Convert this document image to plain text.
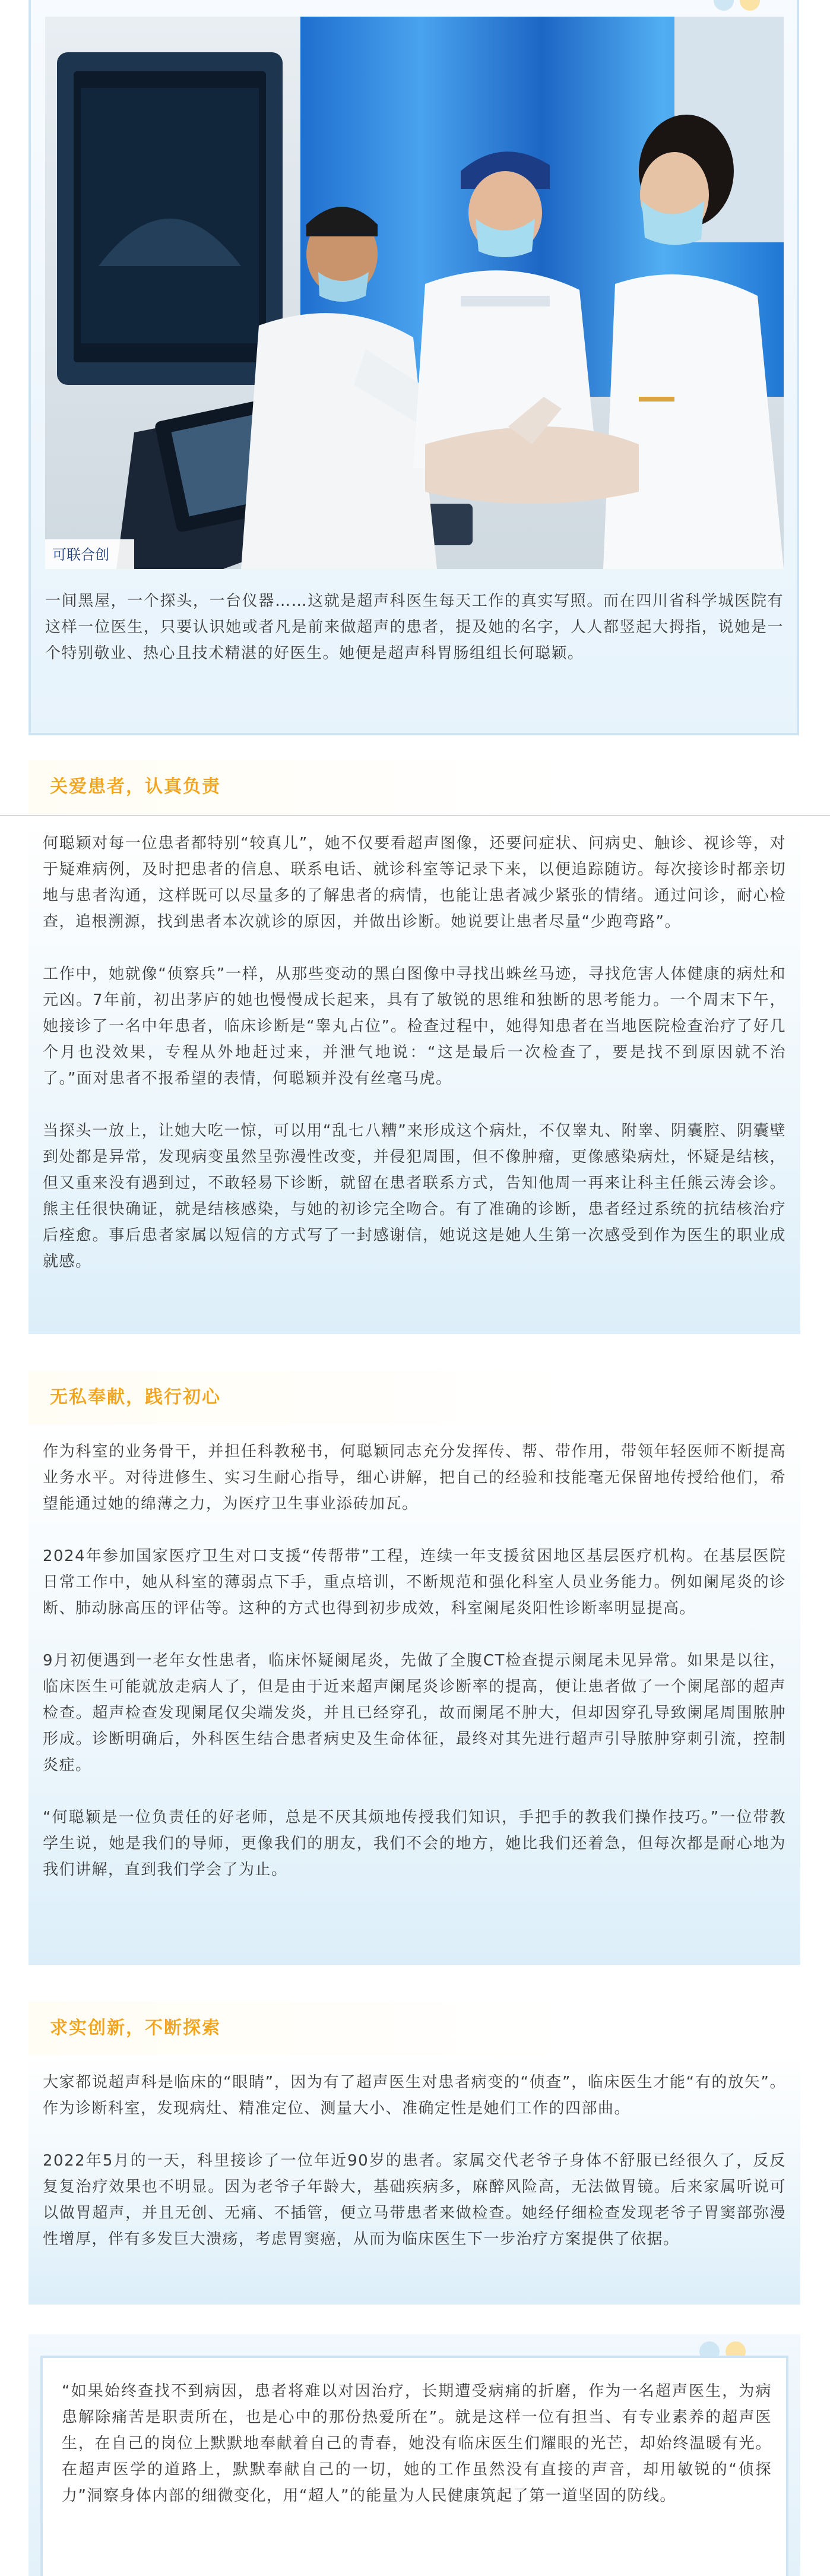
可联合创
一间黑屋，一个探头，一台仪器……这就是超声科医生每天工作的真实写照。而在四川省科学城医院有这样一位医生，只要认识她或者凡是前来做超声的患者，提及她的名字，人人都竖起大拇指，说她是一个特别敬业、热心且技术精湛的好医生。她便是超声科胃肠组组长何聪颖。
关爱患者，认真负责

何聪颖对每一位患者都特别“较真儿”，她不仅要看超声图像，还要问症状、问病史、触诊、视诊等，对于疑难病例，及时把患者的信息、联系电话、就诊科室等记录下来，以便追踪随访。每次接诊时都亲切地与患者沟通，这样既可以尽量多的了解患者的病情，也能让患者减少紧张的情绪。通过问诊，耐心检查，追根溯源，找到患者本次就诊的原因，并做出诊断。她说要让患者尽量“少跑弯路”。

工作中，她就像“侦察兵”一样，从那些变动的黑白图像中寻找出蛛丝马迹，寻找危害人体健康的病灶和元凶。7年前，初出茅庐的她也慢慢成长起来，具有了敏锐的思维和独断的思考能力。一个周末下午，她接诊了一名中年患者，临床诊断是“睾丸占位”。检查过程中，她得知患者在当地医院检查治疗了好几个月也没效果，专程从外地赶过来，并泄气地说：“这是最后一次检查了，要是找不到原因就不治了。”面对患者不报希望的表情，何聪颖并没有丝毫马虎。

当探头一放上，让她大吃一惊，可以用“乱七八糟”来形成这个病灶，不仅睾丸、附睾、阴囊腔、阴囊壁到处都是异常，发现病变虽然呈弥漫性改变，并侵犯周围，但不像肿瘤，更像感染病灶，怀疑是结核，但又重来没有遇到过，不敢轻易下诊断，就留在患者联系方式，告知他周一再来让科主任熊云涛会诊。熊主任很快确证，就是结核感染，与她的初诊完全吻合。有了准确的诊断，患者经过系统的抗结核治疗后痊愈。事后患者家属以短信的方式写了一封感谢信，她说这是她人生第一次感受到作为医生的职业成就感。

无私奉献，践行初心

作为科室的业务骨干，并担任科教秘书，何聪颖同志充分发挥传、帮、带作用，带领年轻医师不断提高业务水平。对待进修生、实习生耐心指导，细心讲解，把自己的经验和技能毫无保留地传授给他们，希望能通过她的绵薄之力，为医疗卫生事业添砖加瓦。

2024年参加国家医疗卫生对口支援“传帮带”工程，连续一年支援贫困地区基层医疗机构。在基层医院日常工作中，她从科室的薄弱点下手，重点培训，不断规范和强化科室人员业务能力。例如阑尾炎的诊断、肺动脉高压的评估等。这种的方式也得到初步成效，科室阑尾炎阳性诊断率明显提高。

9月初便遇到一老年女性患者，临床怀疑阑尾炎，先做了全腹CT检查提示阑尾未见异常。如果是以往，临床医生可能就放走病人了，但是由于近来超声阑尾炎诊断率的提高，便让患者做了一个阑尾部的超声检查。超声检查发现阑尾仅尖端发炎，并且已经穿孔，故而阑尾不肿大，但却因穿孔导致阑尾周围脓肿形成。诊断明确后，外科医生结合患者病史及生命体征，最终对其先进行超声引导脓肿穿刺引流，控制炎症。

“何聪颖是一位负责任的好老师，总是不厌其烦地传授我们知识，手把手的教我们操作技巧。”一位带教学生说，她是我们的导师，更像我们的朋友，我们不会的地方，她比我们还着急，但每次都是耐心地为我们讲解，直到我们学会了为止。

求实创新，不断探索

大家都说超声科是临床的“眼睛”，因为有了超声医生对患者病变的“侦查”，临床医生才能“有的放矢”。作为诊断科室，发现病灶、精准定位、测量大小、准确定性是她们工作的四部曲。

2022年5月的一天，科里接诊了一位年近90岁的患者。家属交代老爷子身体不舒服已经很久了，反反复复治疗效果也不明显。因为老爷子年龄大，基础疾病多，麻醉风险高，无法做胃镜。后来家属听说可以做胃超声，并且无创、无痛、不插管，便立马带患者来做检查。她经仔细检查发现老爷子胃窦部弥漫性增厚，伴有多发巨大溃疡，考虑胃窦癌，从而为临床医生下一步治疗方案提供了依据。

“如果始终查找不到病因，患者将难以对因治疗，长期遭受病痛的折磨，作为一名超声医生，为病患解除痛苦是职责所在，也是心中的那份热爱所在”。就是这样一位有担当、有专业素养的超声医生，在自己的岗位上默默地奉献着自己的青春，她没有临床医生们耀眼的光芒，却始终温暖有光。在超声医学的道路上，默默奉献自己的一切，她的工作虽然没有直接的声音，却用敏锐的“侦探力”洞察身体内部的细微变化，用“超人”的能量为人民健康筑起了第一道坚固的防线。
